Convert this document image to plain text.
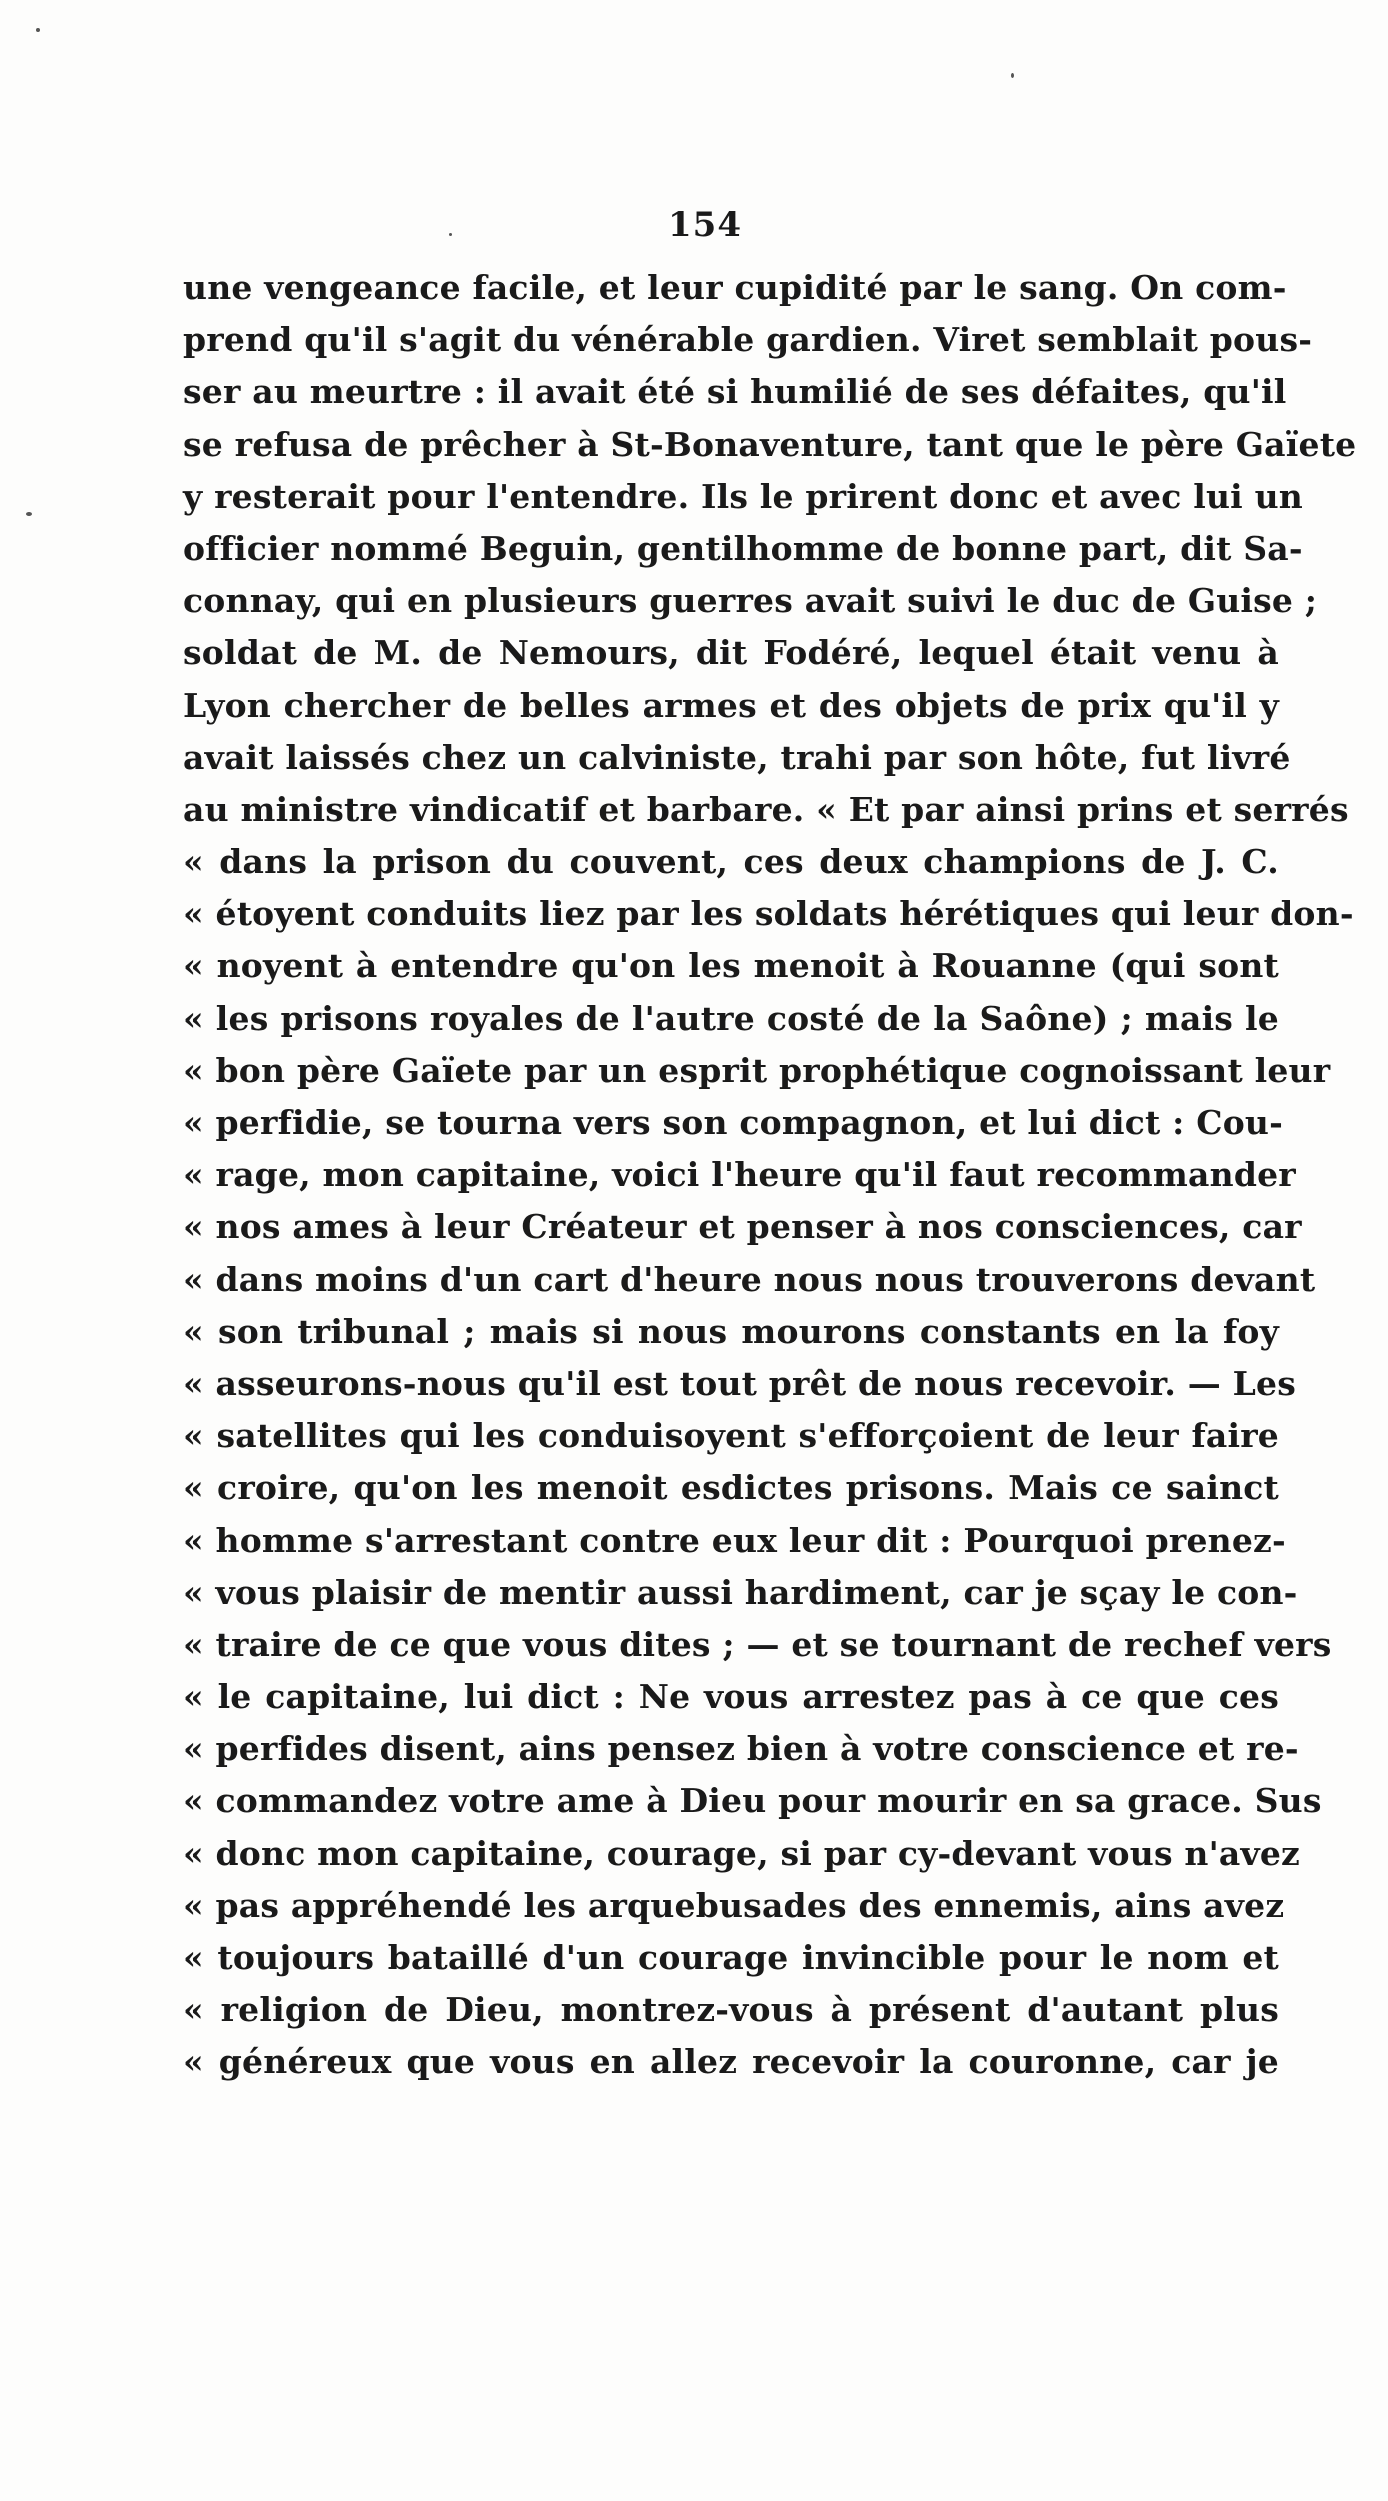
154
une vengeance facile, et leur cupidité par le sang. On com-
prend qu'il s'agit du vénérable gardien. Viret semblait pous-
ser au meurtre : il avait été si humilié de ses défaites, qu'il
se refusa de prêcher à St-Bonaventure, tant que le père Gaïete
y resterait pour l'entendre. Ils le prirent donc et avec lui un
officier nommé Beguin, gentilhomme de bonne part, dit Sa-
connay, qui en plusieurs guerres avait suivi le duc de Guise ;
soldat de M. de Nemours, dit Fodéré, lequel était venu à
Lyon chercher de belles armes et des objets de prix qu'il y
avait laissés chez un calviniste, trahi par son hôte, fut livré
au ministre vindicatif et barbare. « Et par ainsi prins et serrés
« dans la prison du couvent, ces deux champions de J. C.
« étoyent conduits liez par les soldats hérétiques qui leur don-
« noyent à entendre qu'on les menoit à Rouanne (qui sont
« les prisons royales de l'autre costé de la Saône) ; mais le
« bon père Gaïete par un esprit prophétique cognoissant leur
« perfidie, se tourna vers son compagnon, et lui dict : Cou-
« rage, mon capitaine, voici l'heure qu'il faut recommander
« nos ames à leur Créateur et penser à nos consciences, car
« dans moins d'un cart d'heure nous nous trouverons devant
« son tribunal ; mais si nous mourons constants en la foy
« asseurons-nous qu'il est tout prêt de nous recevoir. — Les
« satellites qui les conduisoyent s'efforçoient de leur faire
« croire, qu'on les menoit esdictes prisons. Mais ce sainct
« homme s'arrestant contre eux leur dit : Pourquoi prenez-
« vous plaisir de mentir aussi hardiment, car je sçay le con-
« traire de ce que vous dites ; — et se tournant de rechef vers
« le capitaine, lui dict : Ne vous arrestez pas à ce que ces
« perfides disent, ains pensez bien à votre conscience et re-
« commandez votre ame à Dieu pour mourir en sa grace. Sus
« donc mon capitaine, courage, si par cy-devant vous n'avez
« pas appréhendé les arquebusades des ennemis, ains avez
« toujours bataillé d'un courage invincible pour le nom et
« religion de Dieu, montrez-vous à présent d'autant plus
« généreux que vous en allez recevoir la couronne, car je
